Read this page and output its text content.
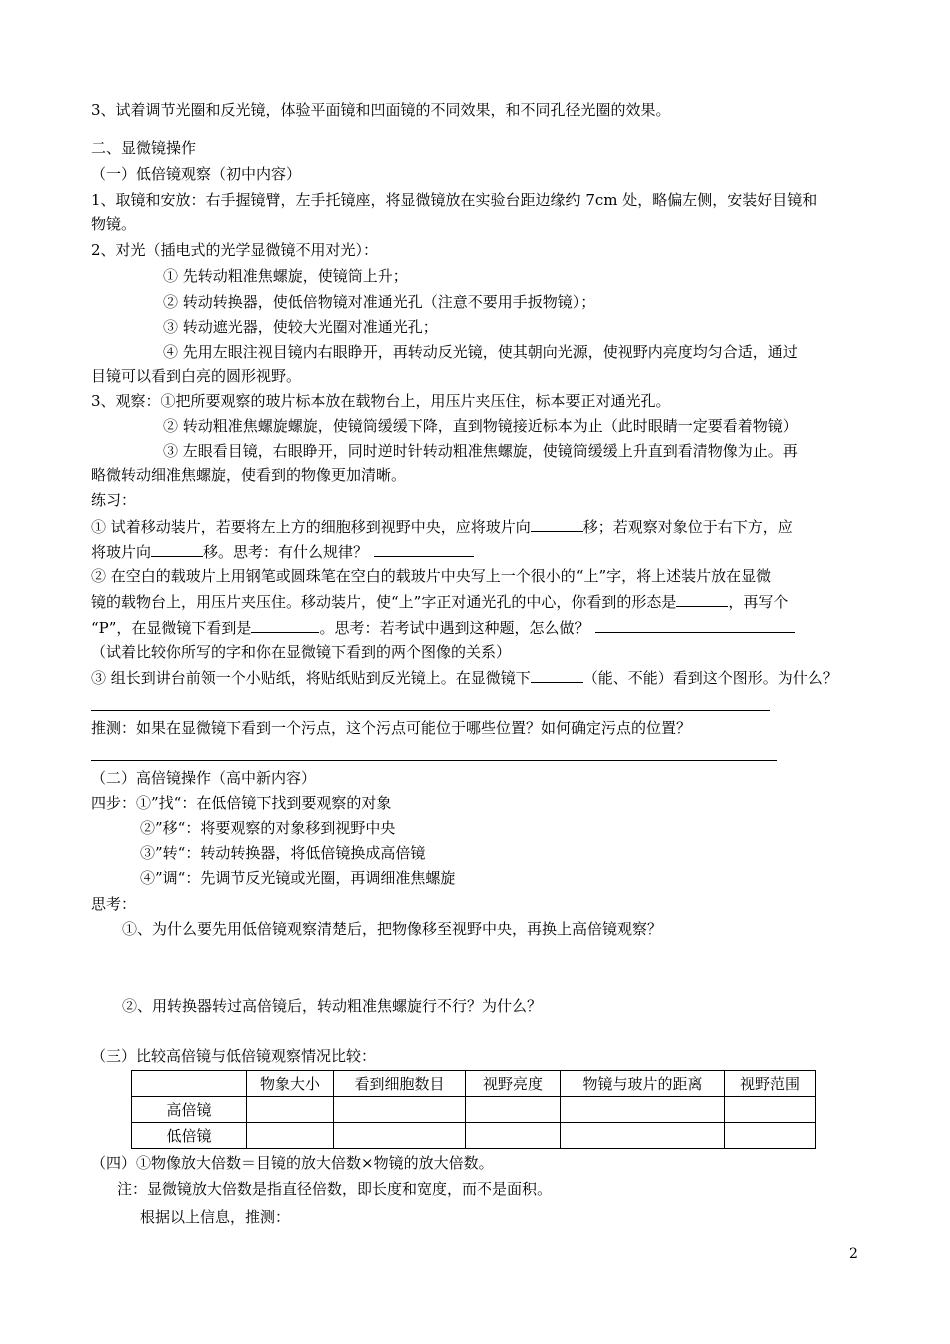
3、试着调节光圈和反光镜，体验平面镜和凹面镜的不同效果，和不同孔径光圈的效果。
二、显微镜操作
（一）低倍镜观察（初中内容）
1、取镜和安放：右手握镜臂，左手托镜座，将显微镜放在实验台距边缘约 7cm 处，略偏左侧，安装好目镜和
物镜。
2、对光（插电式的光学显微镜不用对光）：
① 先转动粗准焦螺旋，使镜筒上升；
② 转动转换器，使低倍物镜对准通光孔（注意不要用手扳物镜）；
③ 转动遮光器，使较大光圈对准通光孔；
④ 先用左眼注视目镜内右眼睁开，再转动反光镜，使其朝向光源，使视野内亮度均匀合适，通过
目镜可以看到白亮的圆形视野。
3、观察：①把所要观察的玻片标本放在载物台上，用压片夹压住，标本要正对通光孔。
② 转动粗准焦螺旋螺旋，使镜筒缓缓下降，直到物镜接近标本为止（此时眼睛一定要看着物镜）
③ 左眼看目镜，右眼睁开，同时逆时针转动粗准焦螺旋，使镜筒缓缓上升直到看清物像为止。再
略微转动细准焦螺旋，使看到的物像更加清晰。
练习：
① 试着移动装片，若要将左上方的细胞移到视野中央，应将玻片向	移；若观察对象位于右下方，应
将玻片向	移。思考：有什么规律？
② 在空白的载玻片上用钢笔或圆珠笔在空白的载玻片中央写上一个很小的“上”字，将上述装片放在显微
镜的载物台上，用压片夹压住。移动装片，使“上”字正对通光孔的中心，你看到的形态是	，再写个
“P”，在显微镜下看到是	。思考：若考试中遇到这种题，怎么做？
（试着比较你所写的字和你在显微镜下看到的两个图像的关系）
③ 组长到讲台前领一个小贴纸，将贴纸贴到反光镜上。在显微镜下	（能、不能）看到这个图形。为什么？
推测：如果在显微镜下看到一个污点，这个污点可能位于哪些位置？如何确定污点的位置？
（二）高倍镜操作（高中新内容）
四步：①”找“：在低倍镜下找到要观察的对象
②”移“：将要观察的对象移到视野中央
③”转“：转动转换器，将低倍镜换成高倍镜
④”调“：先调节反光镜或光圈，再调细准焦螺旋
思考：
①、为什么要先用低倍镜观察清楚后，把物像移至视野中央，再换上高倍镜观察？
②、用转换器转过高倍镜后，转动粗准焦螺旋行不行？为什么？
（三）比较高倍镜与低倍镜观察情况比较：
	物象大小	看到细胞数目	视野亮度	物镜与玻片的距离	视野范围
高倍镜					
低倍镜					
（四）①物像放大倍数＝目镜的放大倍数×物镜的放大倍数。
注：显微镜放大倍数是指直径倍数，即长度和宽度，而不是面积。
根据以上信息，推测：
2
